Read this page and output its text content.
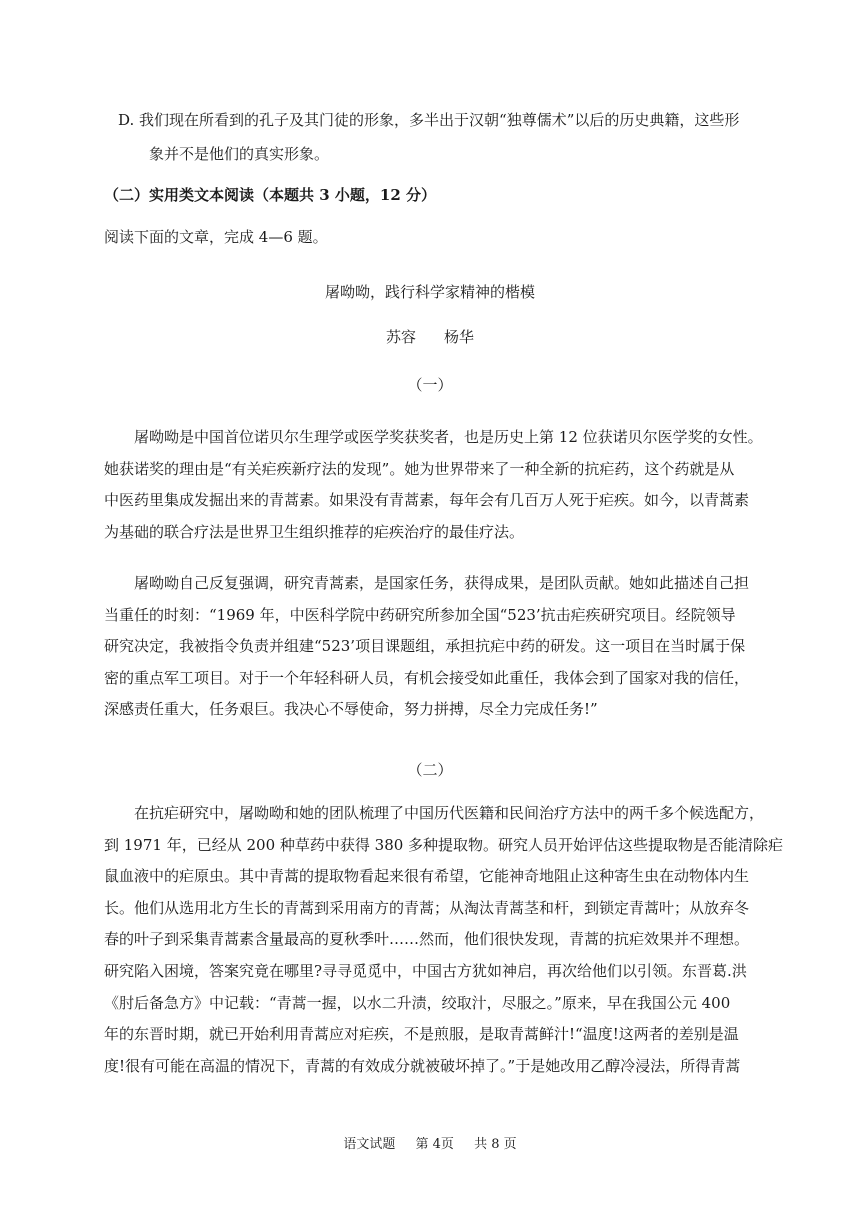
D. 我们现在所看到的孔子及其门徒的形象，多半出于汉朝“独尊儒术”以后的历史典籍，这些形
象并不是他们的真实形象。
（二）实用类文本阅读（本题共 3 小题，12 分）
阅读下面的文章，完成 4—6 题。
屠呦呦，践行科学家精神的楷模
苏容 杨华
（一）
屠呦呦是中国首位诺贝尔生理学或医学奖获奖者，也是历史上第 12 位获诺贝尔医学奖的女性。
她获诺奖的理由是“有关疟疾新疗法的发现”。她为世界带来了一种全新的抗疟药，这个药就是从
中医药里集成发掘出来的青蒿素。如果没有青蒿素，每年会有几百万人死于疟疾。如今，以青蒿素
为基础的联合疗法是世界卫生组织推荐的疟疾治疗的最佳疗法。
屠呦呦自己反复强调，研究青蒿素，是国家任务，获得成果，是团队贡献。她如此描述自己担
当重任的时刻：“1969 年，中医科学院中药研究所参加全国“523’抗击疟疾研究项目。经院领导
研究决定，我被指令负责并组建“523’项目课题组，承担抗疟中药的研发。这一项目在当时属于保
密的重点军工项目。对于一个年轻科研人员，有机会接受如此重任，我体会到了国家对我的信任，
深感责任重大，任务艰巨。我决心不辱使命，努力拼搏，尽全力完成任务!”
（二）
在抗疟研究中，屠呦呦和她的团队梳理了中国历代医籍和民间治疗方法中的两千多个候选配方，
到 1971 年，已经从 200 种草药中获得 380 多种提取物。研究人员开始评估这些提取物是否能清除疟
鼠血液中的疟原虫。其中青蒿的提取物看起来很有希望，它能神奇地阻止这种寄生虫在动物体内生
长。他们从选用北方生长的青蒿到采用南方的青蒿；从淘汰青蒿茎和杆，到锁定青蒿叶；从放弃冬
春的叶子到采集青蒿素含量最高的夏秋季叶……然而，他们很快发现，青蒿的抗疟效果并不理想。
研究陷入困境，答案究竟在哪里?寻寻觅觅中，中国古方犹如神启，再次给他们以引领。东晋葛.洪
《肘后备急方》中记载：“青蒿一握，以水二升渍，绞取汁，尽服之。”原来，早在我国公元 400
年的东晋时期，就已开始利用青蒿应对疟疾，不是煎服，是取青蒿鲜汁!“温度!这两者的差别是温
度!很有可能在高温的情况下，青蒿的有效成分就被破坏掉了。”于是她改用乙醇冷浸法，所得青蒿
语文试题 第 4页 共 8 页
